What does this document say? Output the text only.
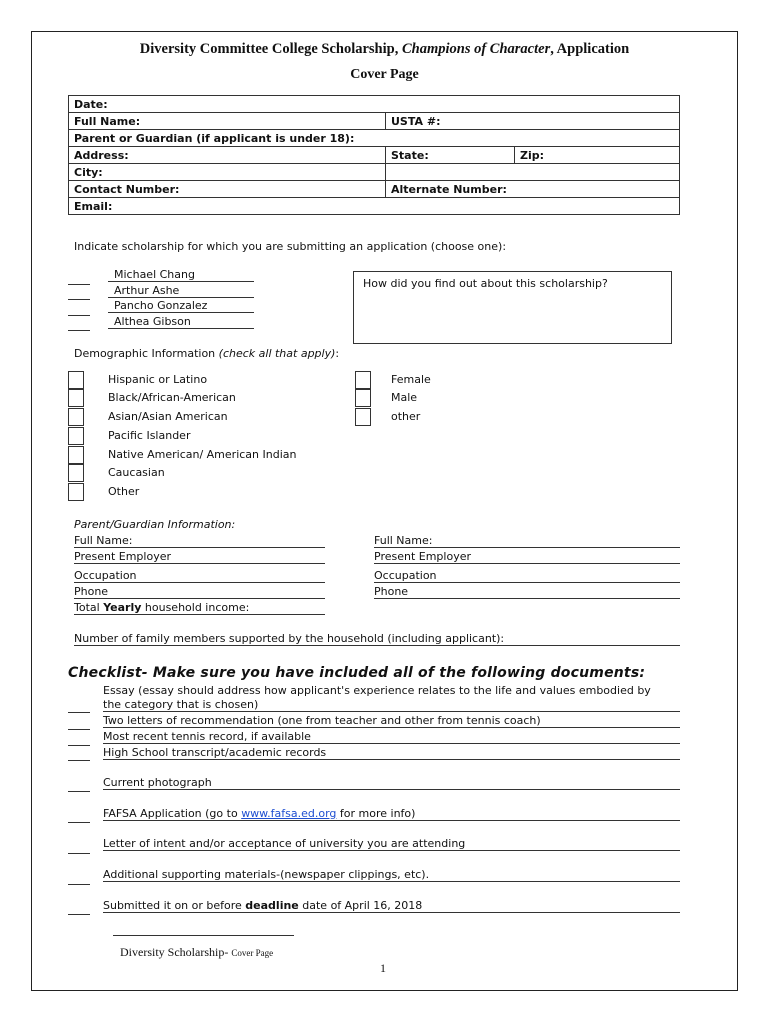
Diversity Committee College Scholarship, Champions of Character, Application
Cover Page
Date:		
Full Name:	USTA #:	
Parent or Guardian (if applicant is under 18):		
Address:	State:	Zip:
City:		
Contact Number:	Alternate Number:	
Email:		
Indicate scholarship for which you are submitting an application (choose one):
Michael Chang
Arthur Ashe
Pancho Gonzalez
Althea Gibson
How did you find out about this scholarship?
Demographic Information (check all that apply):
Hispanic or Latino
Black/African-American
Asian/Asian American
Pacific Islander
Native American/ American Indian
Caucasian
Other
Female
Male
other
Parent/Guardian Information:
Full Name:
Present Employer
Occupation
Phone
Total Yearly household income:
Full Name:
Present Employer
Occupation
Phone
Number of family members supported by the household (including applicant):
Checklist- Make sure you have included all of the following documents:
Essay (essay should address how applicant's experience relates to the life and values embodied by
the category that is chosen)
Two letters of recommendation (one from teacher and other from tennis coach)
Most recent tennis record, if available
High School transcript/academic records
Current photograph
FAFSA Application (go to www.fafsa.ed.org for more info)
Letter of intent and/or acceptance of university you are attending
Additional supporting materials-(newspaper clippings, etc).
Submitted it on or before deadline date of April 16, 2018
Diversity Scholarship- Cover Page
1
